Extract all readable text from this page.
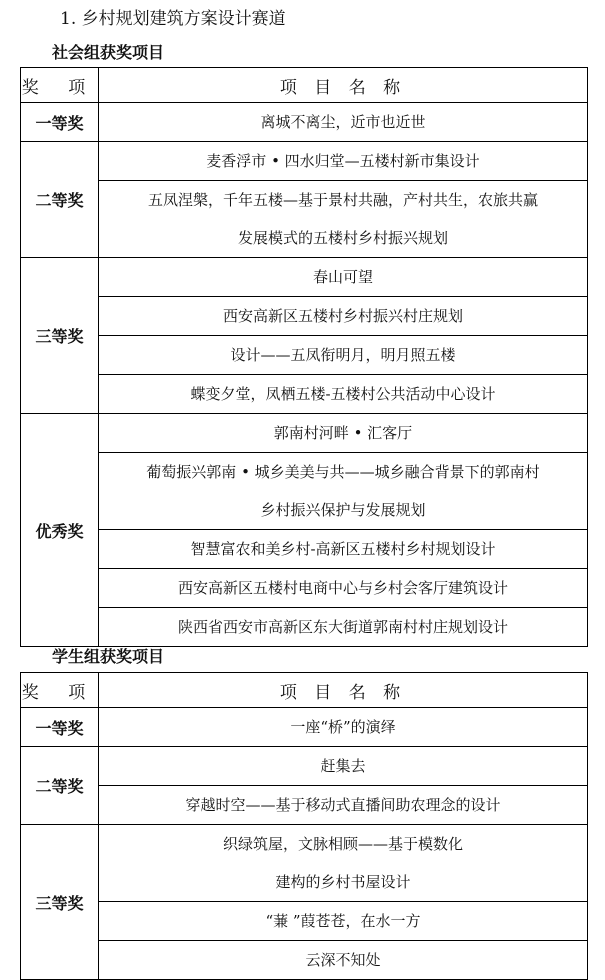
1. 乡村规划建筑方案设计赛道
社会组获奖项目
奖 项	项 目 名 称
一等奖	离城不离尘，近市也近世

二等奖	麦香浮市 • 四水归堂—五楼村新市集设计

	五凤涅槃，千年五楼—基于景村共融，产村共生，农旅共赢
发展模式的五楼村乡村振兴规划

三等奖	春山可望

	西安高新区五楼村乡村振兴村庄规划

	设计——五凤衔明月，明月照五楼

	蝶变夕堂，凤栖五楼-五楼村公共活动中心设计

优秀奖	郭南村河畔 • 汇客厅

	葡萄振兴郭南 • 城乡美美与共——城乡融合背景下的郭南村
乡村振兴保护与发展规划

	智慧富农和美乡村-高新区五楼村乡村规划设计

	西安高新区五楼村电商中心与乡村会客厅建筑设计

	陕西省西安市高新区东大街道郭南村村庄规划设计
学生组获奖项目
奖 项	项 目 名 称
一等奖	一座“桥”的演绎

二等奖	赶集去

	穿越时空——基于移动式直播间助农理念的设计

三等奖	织绿筑屋，文脉相顾——基于模数化
建构的乡村书屋设计

	“蒹 ”葭苍苍，在水一方

	云深不知处
